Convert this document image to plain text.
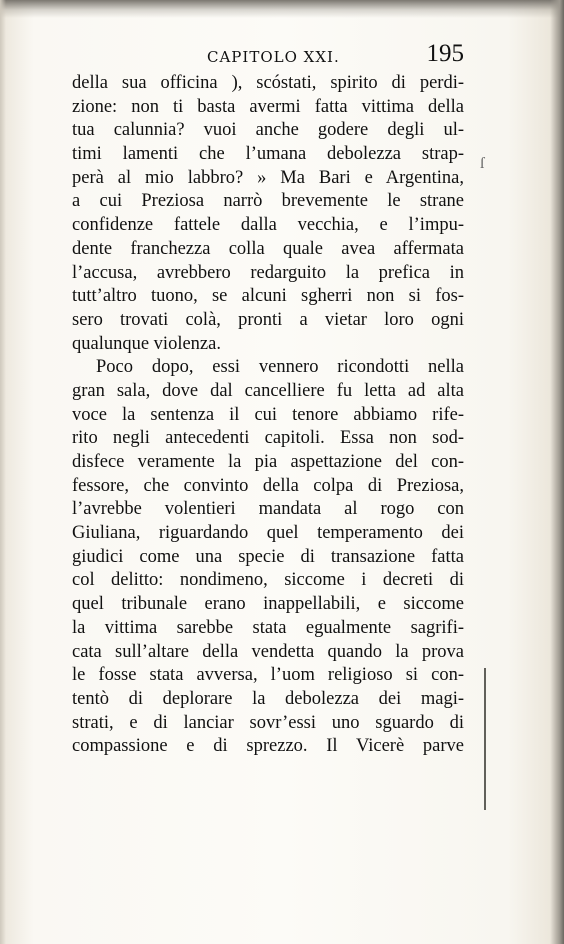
CAPITOLO XXI.	195
ſ
della sua officina ), scóstati, spirito di perdi-
zione: non ti basta avermi fatta vittima della
tua calunnia? vuoi anche godere degli ul-
timi lamenti che l’umana debolezza strap-
perà al mio labbro? » Ma Bari e Argentina,
a cui Preziosa narrò brevemente le strane
confidenze fattele dalla vecchia, e l’impu-
dente franchezza colla quale avea affermata
l’accusa, avrebbero redarguito la prefica in
tutt’altro tuono, se alcuni sgherri non si fos-
sero trovati colà, pronti a vietar loro ogni
qualunque violenza.
Poco dopo, essi vennero ricondotti nella
gran sala, dove dal cancelliere fu letta ad alta
voce la sentenza il cui tenore abbiamo rife-
rito negli antecedenti capitoli. Essa non sod-
disfece veramente la pia aspettazione del con-
fessore, che convinto della colpa di Preziosa,
l’avrebbe volentieri mandata al rogo con
Giuliana, riguardando quel temperamento dei
giudici come una specie di transazione fatta
col delitto: nondimeno, siccome i decreti di
quel tribunale erano inappellabili, e siccome
la vittima sarebbe stata egualmente sagrifi-
cata sull’altare della vendetta quando la prova
le fosse stata avversa, l’uom religioso si con-
tentò di deplorare la debolezza dei magi-
strati, e di lanciar sovr’essi uno sguardo di
compassione e di sprezzo. Il Vicerè parve
